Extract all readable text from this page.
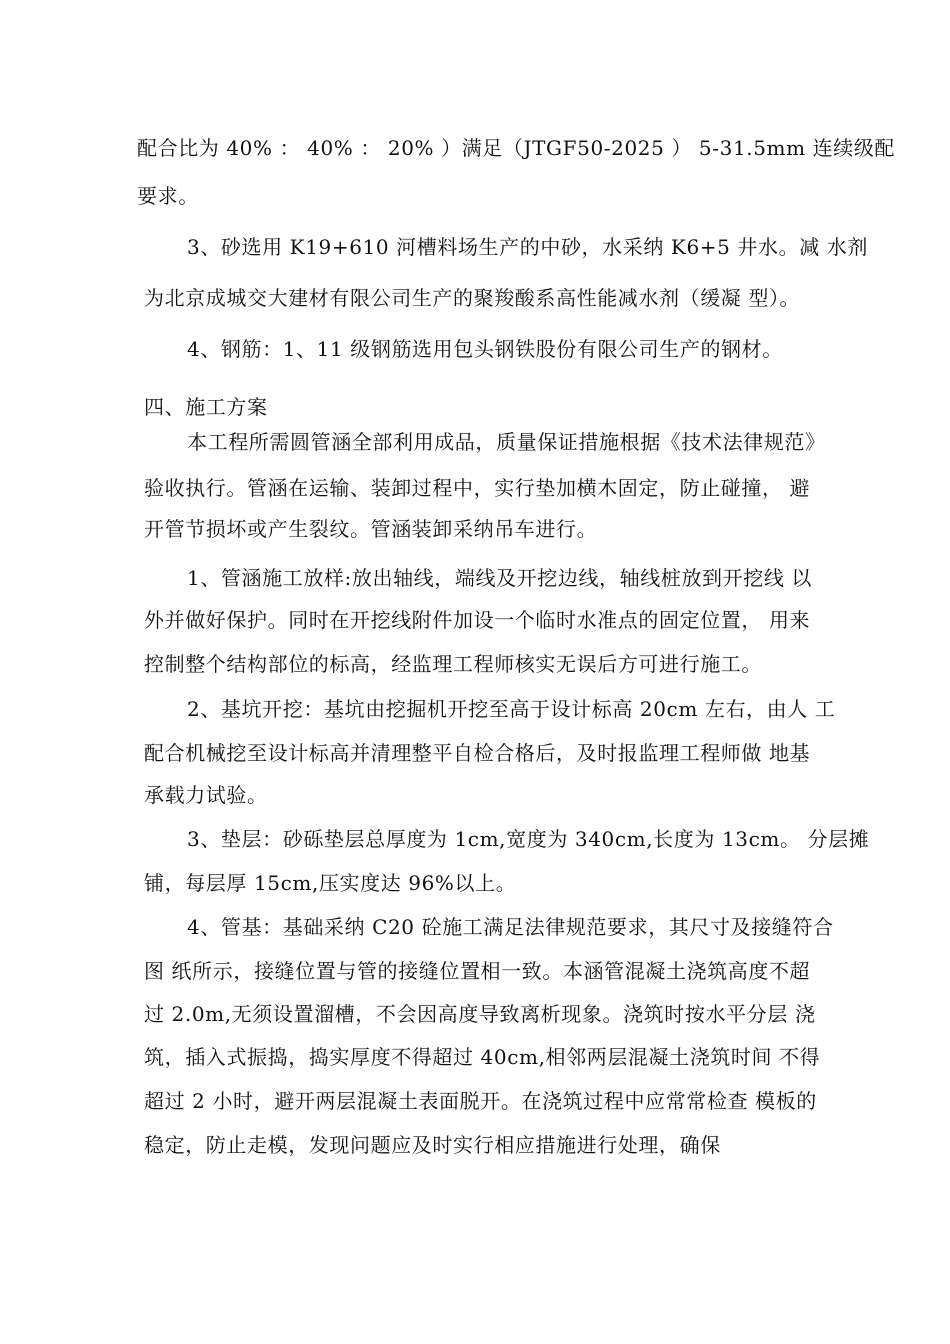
配合比为 40% ： 40% ： 20% ）满足（JTGF50-2025 ） 5-31.5mm 连续级配
要求。
3、砂选用 K19+610 河槽料场生产的中砂，水采纳 K6+5 井水。减 水剂
为北京成城交大建材有限公司生产的聚羧酸系高性能减水剂（缓凝 型）。
4、钢筋：1、11 级钢筋选用包头钢铁股份有限公司生产的钢材。
四、施工方案
本工程所需圆管涵全部利用成品，质量保证措施根据《技术法律规范》
验收执行。管涵在运输、装卸过程中，实行垫加横木固定，防止碰撞， 避
开管节损坏或产生裂纹。管涵装卸采纳吊车进行。
1、管涵施工放样:放出轴线，端线及开挖边线，轴线桩放到开挖线 以
外并做好保护。同时在开挖线附件加设一个临时水准点的固定位置， 用来
控制整个结构部位的标高，经监理工程师核实无误后方可进行施工。
2、基坑开挖：基坑由挖掘机开挖至高于设计标高 20cm 左右，由人 工
配合机械挖至设计标高并清理整平自检合格后，及时报监理工程师做 地基
承载力试验。
3、垫层：砂砾垫层总厚度为 1cm,宽度为 340cm,长度为 13cm。 分层摊
铺，每层厚 15cm,压实度达 96%以上。
4、管基：基础采纳 C20 砼施工满足法律规范要求，其尺寸及接缝符合
图 纸所示，接缝位置与管的接缝位置相一致。本涵管混凝土浇筑高度不超
过 2.0m,无须设置溜槽，不会因高度导致离析现象。浇筑时按水平分层 浇
筑，插入式振捣，捣实厚度不得超过 40cm,相邻两层混凝土浇筑时间 不得
超过 2 小时，避开两层混凝土表面脱开。在浇筑过程中应常常检查 模板的
稳定，防止走模，发现问题应及时实行相应措施进行处理，确保
